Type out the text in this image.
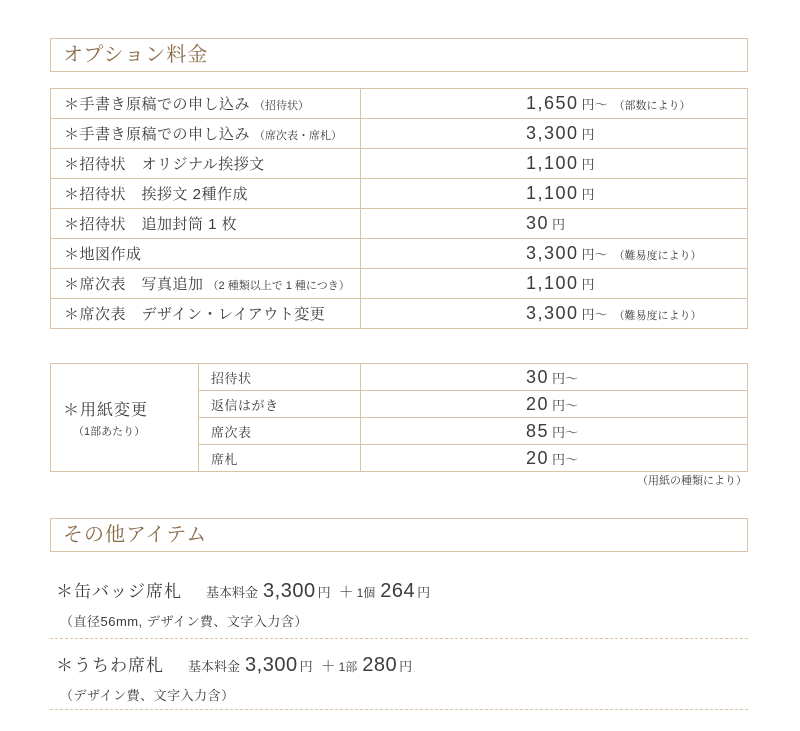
オプション料金
＊手書き原稿での申し込み （招待状）	1,650 円～ （部数により）
＊手書き原稿での申し込み （席次表・席札）	3,300 円
＊招待状　オリジナル挨拶文	1,100 円
＊招待状　挨拶文 2種作成	1,100 円
＊招待状　追加封筒 1 枚	30 円
＊地図作成	3,300 円～ （難易度により）
＊席次表　写真追加 （2 種類以上で 1 種につき）	1,100 円
＊席次表　デザイン・レイアウト変更	3,300 円～ （難易度により）
＊用紙変更
（1部あたり）	招待状	30 円～
	返信はがき	20 円～
	席次表	85 円～
	席札	20 円～
（用紙の種類により）
その他アイテム
＊缶バッジ席札 基本料金 3,300 円 ＋ 1個 264 円
（直径56mm, デザイン費、文字入力含）
＊うちわ席札 基本料金 3,300 円 ＋ 1部 280 円
（デザイン費、文字入力含）
